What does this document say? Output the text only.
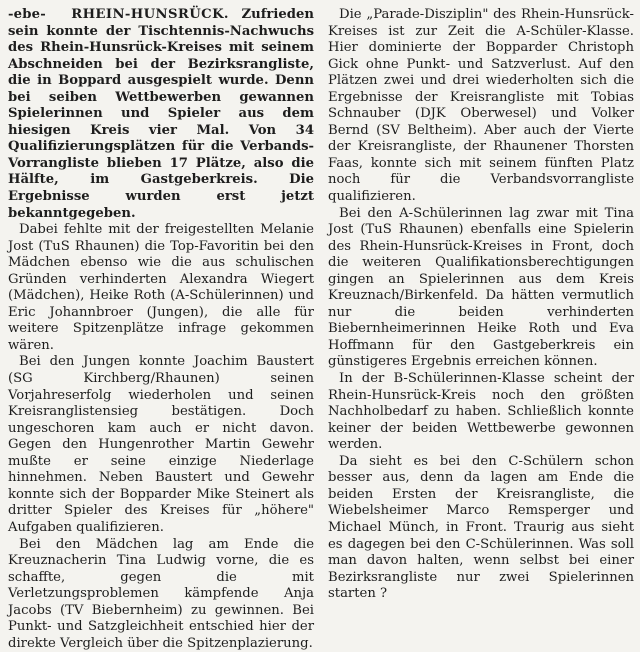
-ebe- RHEIN-HUNSRÜCK. Zufrieden sein konnte der Tischtennis-Nachwuchs des Rhein-Hunsrück-Kreises mit seinem Abschneiden bei der Bezirksrangliste, die in Boppard ausgespielt wurde. Denn bei seiben Wettbewerben gewannen Spielerinnen und Spieler aus dem hiesigen Kreis vier Mal. Von 34 Qualifizierungsplätzen für die Verbands-Vorrangliste blieben 17 Plätze, also die Hälfte, im Gastgeberkreis. Die Ergebnisse wurden erst jetzt bekanntgegeben.

Dabei fehlte mit der freigestellten Melanie Jost (TuS Rhaunen) die Top-Favoritin bei den Mädchen ebenso wie die aus schulischen Gründen verhinderten Alexandra Wiegert (Mädchen), Heike Roth (A-Schülerinnen) und Eric Johannbroer (Jungen), die alle für weitere Spitzenplätze infrage gekommen wären.

Bei den Jungen konnte Joachim Baustert (SG Kirchberg/Rhaunen) seinen Vorjahreserfolg wiederholen und seinen Kreisranglistensieg bestätigen. Doch ungeschoren kam auch er nicht davon. Gegen den Hungenrother Martin Gewehr mußte er seine einzige Niederlage hinnehmen. Neben Baustert und Gewehr konnte sich der Bopparder Mike Steinert als dritter Spieler des Kreises für „höhere" Aufgaben qualifizieren.

Bei den Mädchen lag am Ende die Kreuznacherin Tina Ludwig vorne, die es schaffte, gegen die mit Verletzungsproblemen kämpfende Anja Jacobs (TV Biebernheim) zu gewinnen. Bei Punkt- und Satzgleichheit entschied hier der direkte Vergleich über die Spitzenplazierung.

Die „Parade-Disziplin" des Rhein-Hunsrück-Kreises ist zur Zeit die A-Schüler-Klasse. Hier dominierte der Bopparder Christoph Gick ohne Punkt- und Satzverlust. Auf den Plätzen zwei und drei wiederholten sich die Ergebnisse der Kreisrangliste mit Tobias Schnauber (DJK Oberwesel) und Volker Bernd (SV Beltheim). Aber auch der Vierte der Kreisrangliste, der Rhaunener Thorsten Faas, konnte sich mit seinem fünften Platz noch für die Verbandsvorrangliste qualifizieren.

Bei den A-Schülerinnen lag zwar mit Tina Jost (TuS Rhaunen) ebenfalls eine Spielerin des Rhein-Hunsrück-Kreises in Front, doch die weiteren Qualifikationsberechtigungen gingen an Spielerinnen aus dem Kreis Kreuznach/Birkenfeld. Da hätten vermutlich nur die beiden verhinderten Biebernheimerinnen Heike Roth und Eva Hoffmann für den Gastgeberkreis ein günstigeres Ergebnis erreichen können.

In der B-Schülerinnen-Klasse scheint der Rhein-Hunsrück-Kreis noch den größten Nachholbedarf zu haben. Schließlich konnte keiner der beiden Wettbewerbe gewonnen werden.

Da sieht es bei den C-Schülern schon besser aus, denn da lagen am Ende die beiden Ersten der Kreisrangliste, die Wiebelsheimer Marco Remsperger und Michael Münch, in Front. Traurig aus sieht es dagegen bei den C-Schülerinnen. Was soll man davon halten, wenn selbst bei einer Bezirksrangliste nur zwei Spielerinnen starten ?
